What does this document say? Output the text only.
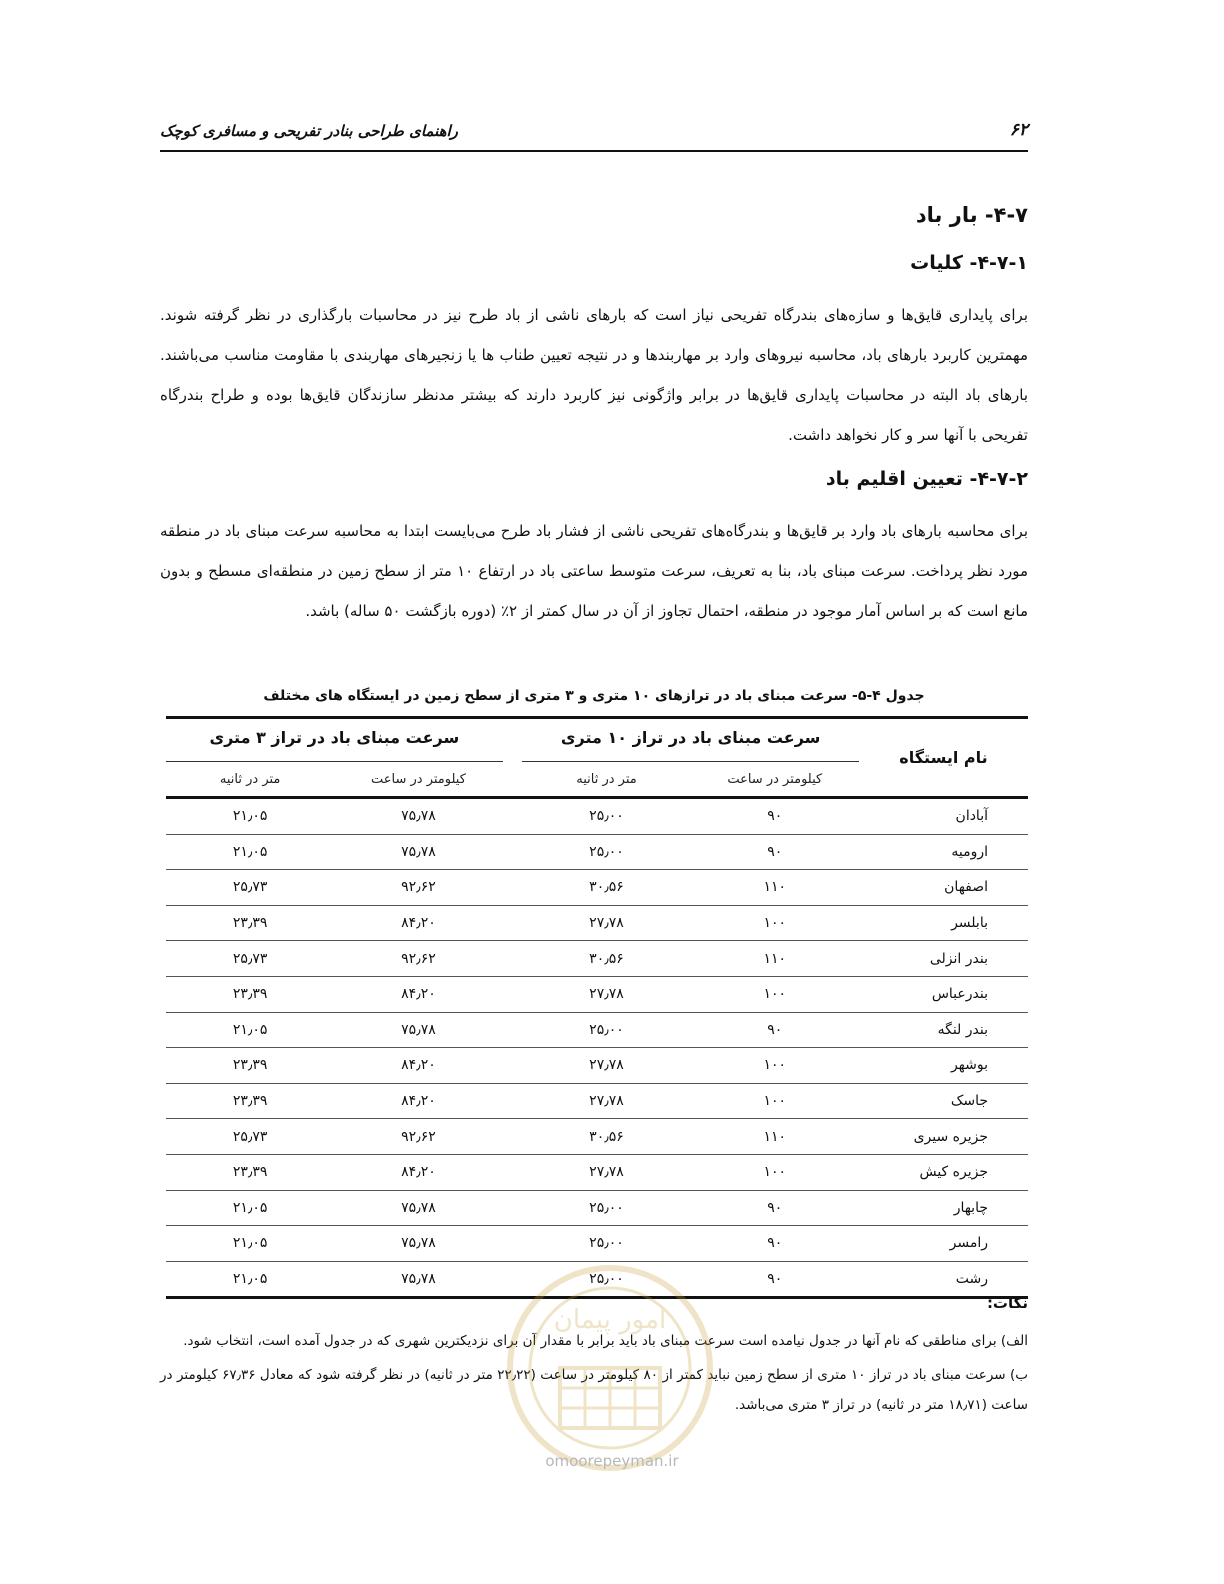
راهنمای طراحی بنادر تفریحی و مسافری کوچک	۶۲
۴-۷- بار باد
۴-۷-۱- کلیات
برای پایداری قایق‌ها و سازه‌های بندرگاه تفریحی نیاز است که بارهای ناشی از باد طرح نیز در محاسبات بارگذاری در نظر گرفته شوند. مهمترین کاربرد بارهای باد، محاسبه نیروهای وارد بر مهاربندها و در نتیجه تعیین طناب ها یا زنجیرهای مهاربندی با مقاومت مناسب می‌باشند. بارهای باد البته در محاسبات پایداری قایق‌ها در برابر واژگونی نیز کاربرد دارند که بیشتر مدنظر سازندگان قایق‌ها بوده و طراح بندرگاه تفریحی با آنها سر و کار نخواهد داشت.
۴-۷-۲- تعیین اقلیم باد
برای محاسبه بارهای باد وارد بر قایق‌ها و بندرگاه‌های تفریحی ناشی از فشار باد طرح می‌بایست ابتدا به محاسبه سرعت مبنای باد در منطقه مورد نظر پرداخت. سرعت مبنای باد، بنا به تعریف، سرعت متوسط ساعتی باد در ارتفاع ۱۰ متر از سطح زمین در منطقه‌ای مسطح و بدون مانع است که بر اساس آمار موجود در منطقه، احتمال تجاوز از آن در سال کمتر از ۲٪ (دوره بازگشت ۵۰ ساله) باشد.
جدول ۴-۵- سرعت مبنای باد در ترازهای ۱۰ متری و ۳ متری از سطح زمین در ایستگاه های مختلف
نام ایستگاه	سرعت مبنای باد در تراز ۱۰ متری			سرعت مبنای باد در تراز ۳ متری	
	کیلومتر در ساعت	متر در ثانیه		کیلومتر در ساعت	متر در ثانیه
آبادان	۹۰	۲۵٫۰۰		۷۵٫۷۸	۲۱٫۰۵
ارومیه	۹۰	۲۵٫۰۰		۷۵٫۷۸	۲۱٫۰۵
اصفهان	۱۱۰	۳۰٫۵۶		۹۲٫۶۲	۲۵٫۷۳
بابلسر	۱۰۰	۲۷٫۷۸		۸۴٫۲۰	۲۳٫۳۹
بندر انزلی	۱۱۰	۳۰٫۵۶		۹۲٫۶۲	۲۵٫۷۳
بندرعباس	۱۰۰	۲۷٫۷۸		۸۴٫۲۰	۲۳٫۳۹
بندر لنگه	۹۰	۲۵٫۰۰		۷۵٫۷۸	۲۱٫۰۵
بوشهر	۱۰۰	۲۷٫۷۸		۸۴٫۲۰	۲۳٫۳۹
جاسک	۱۰۰	۲۷٫۷۸		۸۴٫۲۰	۲۳٫۳۹
جزیره سیری	۱۱۰	۳۰٫۵۶		۹۲٫۶۲	۲۵٫۷۳
جزیره کیش	۱۰۰	۲۷٫۷۸		۸۴٫۲۰	۲۳٫۳۹
چابهار	۹۰	۲۵٫۰۰		۷۵٫۷۸	۲۱٫۰۵
رامسر	۹۰	۲۵٫۰۰		۷۵٫۷۸	۲۱٫۰۵
رشت	۹۰	۲۵٫۰۰		۷۵٫۷۸	۲۱٫۰۵
نکات:
الف) برای مناطقی که نام آنها در جدول نیامده است سرعت مبنای باد باید برابر با مقدار آن برای نزدیکترین شهری که در جدول آمده است، انتخاب شود.
ب) سرعت مبنای باد در تراز ۱۰ متری از سطح زمین نباید کمتر از ۸۰ کیلومتر در ساعت (۲۲٫۲۲ متر در ثانیه) در نظر گرفته شود که معادل ۶۷٫۳۶ کیلومتر در ساعت (۱۸٫۷۱ متر در ثانیه) در تراز ۳ متری می‌باشد.
امور پیمان
omoorepeyman.ir
